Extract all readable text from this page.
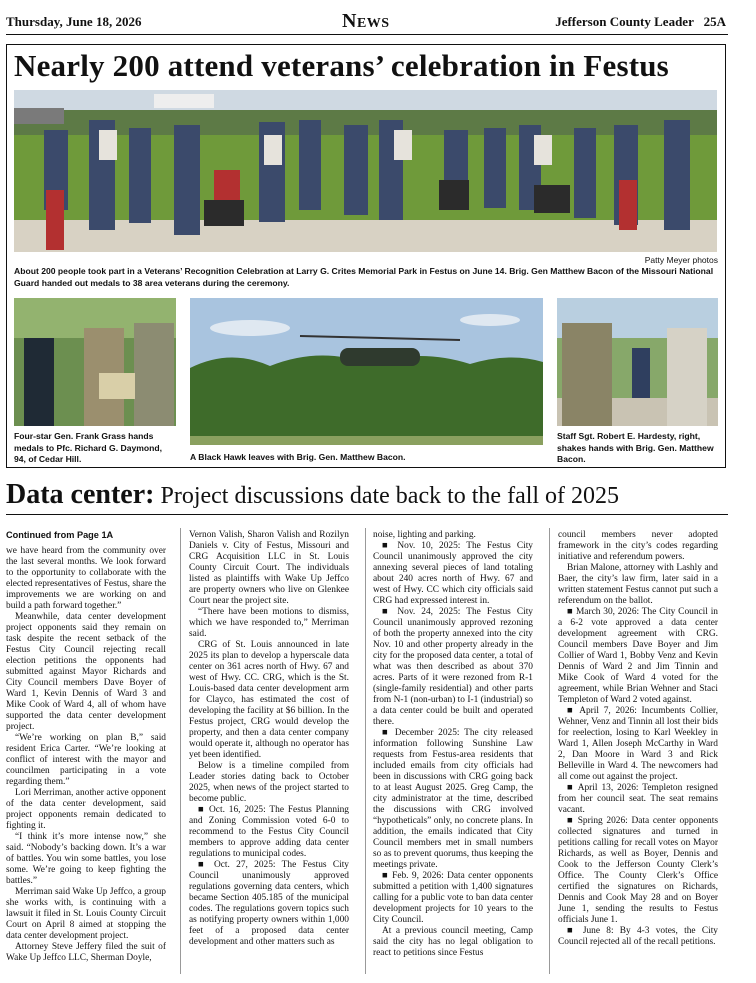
Thursday, June 18, 2026	News	Jefferson County Leader 25A
Nearly 200 attend veterans’ celebration in Festus
Patty Meyer photos
About 200 people took part in a Veterans’ Recognition Celebration at Larry G. Crites Memorial Park in Festus on June 14. Brig. Gen Matthew Bacon of the Missouri National Guard handed out medals to 38 area veterans during the ceremony.
Four-star Gen. Frank Grass hands medals to Pfc. Richard G. Daymond, 94, of Cedar Hill.	A Black Hawk leaves with Brig. Gen. Matthew Bacon.
Staff Sgt. Robert E. Hardesty, right, shakes hands with Brig. Gen. Matthew Bacon.
Data center: Project discussions date back to the fall of 2025
Continued from Page 1A

we have heard from the community over the last several months. We look forward to the opportunity to collaborate with the elected representatives of Festus, share the improvements we are working on and build a path forward together.”

Meanwhile, data center development project opponents said they remain on task despite the recent setback of the Festus City Council rejecting recall election petitions the opponents had submitted against Mayor Richards and City Council members Dave Boyer of Ward 1, Kevin Dennis of Ward 3 and Mike Cook of Ward 4, all of whom have supported the data center development project.

“We’re working on plan B,” said resident Erica Carter. “We’re looking at conflict of interest with the mayor and councilmen participating in a vote regarding them.”

Lori Merriman, another active opponent of the data center development, said project opponents remain dedicated to fighting it.

“I think it’s more intense now,” she said. “Nobody’s backing down. It’s a war of battles. You win some battles, you lose some. We’re going to keep fighting the battles.”

Merriman said Wake Up Jeffco, a group she works with, is continuing with a lawsuit it filed in St. Louis County Circuit Court on April 8 aimed at stopping the data center development project.

Attorney Steve Jeffery filed the suit of Wake Up Jeffco LLC, Sherman Doyle,

Vernon Valish, Sharon Valish and Rozilyn Daniels v. City of Festus, Missouri and CRG Acquisition LLC in St. Louis County Circuit Court. The individuals listed as plaintiffs with Wake Up Jeffco are property owners who live on Glenkee Court near the project site.

“There have been motions to dismiss, which we have responded to,” Merriman said.

CRG of St. Louis announced in late 2025 its plan to develop a hyperscale data center on 361 acres north of Hwy. 67 and west of Hwy. CC. CRG, which is the St. Louis-based data center development arm for Clayco, has estimated the cost of developing the facility at $6 billion. In the Festus project, CRG would develop the property, and then a data center company would operate it, although no operator has yet been identified.

Below is a timeline compiled from Leader stories dating back to October 2025, when news of the project started to become public.

■ Oct. 16, 2025: The Festus Planning and Zoning Commission voted 6-0 to recommend to the Festus City Council members to approve adding data center regulations to municipal codes.

■ Oct. 27, 2025: The Festus City Council unanimously approved regulations governing data centers, which became Section 405.185 of the municipal codes. The regulations govern topics such as notifying property owners within 1,000 feet of a proposed data center development and other matters such as

noise, lighting and parking.

■ Nov. 10, 2025: The Festus City Council unanimously approved the city annexing several pieces of land totaling about 240 acres north of Hwy. 67 and west of Hwy. CC which city officials said CRG had expressed interest in.

■ Nov. 24, 2025: The Festus City Council unanimously approved rezoning of both the property annexed into the city Nov. 10 and other property already in the city for the proposed data center, a total of what was then described as about 370 acres. Parts of it were rezoned from R-1 (single-family residential) and other parts from N-1 (non-urban) to I-1 (industrial) so a data center could be built and operated there.

■ December 2025: The city released information following Sunshine Law requests from Festus-area residents that included emails from city officials had been in discussions with CRG going back to at least August 2025. Greg Camp, the city administrator at the time, described the discussions with CRG involved “hypotheticals” only, no concrete plans. In addition, the emails indicated that City Council members met in small numbers so as to prevent quorums, thus keeping the meetings private.

■ Feb. 9, 2026: Data center opponents submitted a petition with 1,400 signatures calling for a public vote to ban data center development projects for 10 years to the City Council.

At a previous council meeting, Camp said the city has no legal obligation to react to petitions since Festus

council members never adopted framework in the city’s codes regarding initiative and referendum powers.

Brian Malone, attorney with Lashly and Baer, the city’s law firm, later said in a written statement Festus cannot put such a referendum on the ballot.

■ March 30, 2026: The City Council in a 6-2 vote approved a data center development agreement with CRG. Council members Dave Boyer and Jim Collier of Ward 1, Bobby Venz and Kevin Dennis of Ward 2 and Jim Tinnin and Mike Cook of Ward 4 voted for the agreement, while Brian Wehner and Staci Templeton of Ward 2 voted against.

■ April 7, 2026: Incumbents Collier, Wehner, Venz and Tinnin all lost their bids for reelection, losing to Karl Weekley in Ward 1, Allen Joseph McCarthy in Ward 2, Dan Moore in Ward 3 and Rick Belleville in Ward 4. The newcomers had all come out against the project.

■ April 13, 2026: Templeton resigned from her council seat. The seat remains vacant.

■ Spring 2026: Data center opponents collected signatures and turned in petitions calling for recall votes on Mayor Richards, as well as Boyer, Dennis and Cook to the Jefferson County Clerk’s Office. The County Clerk’s Office certified the signatures on Richards, Dennis and Cook May 28 and on Boyer June 1, sending the results to Festus officials June 1.

■ June 8: By 4-3 votes, the City Council rejected all of the recall petitions.
